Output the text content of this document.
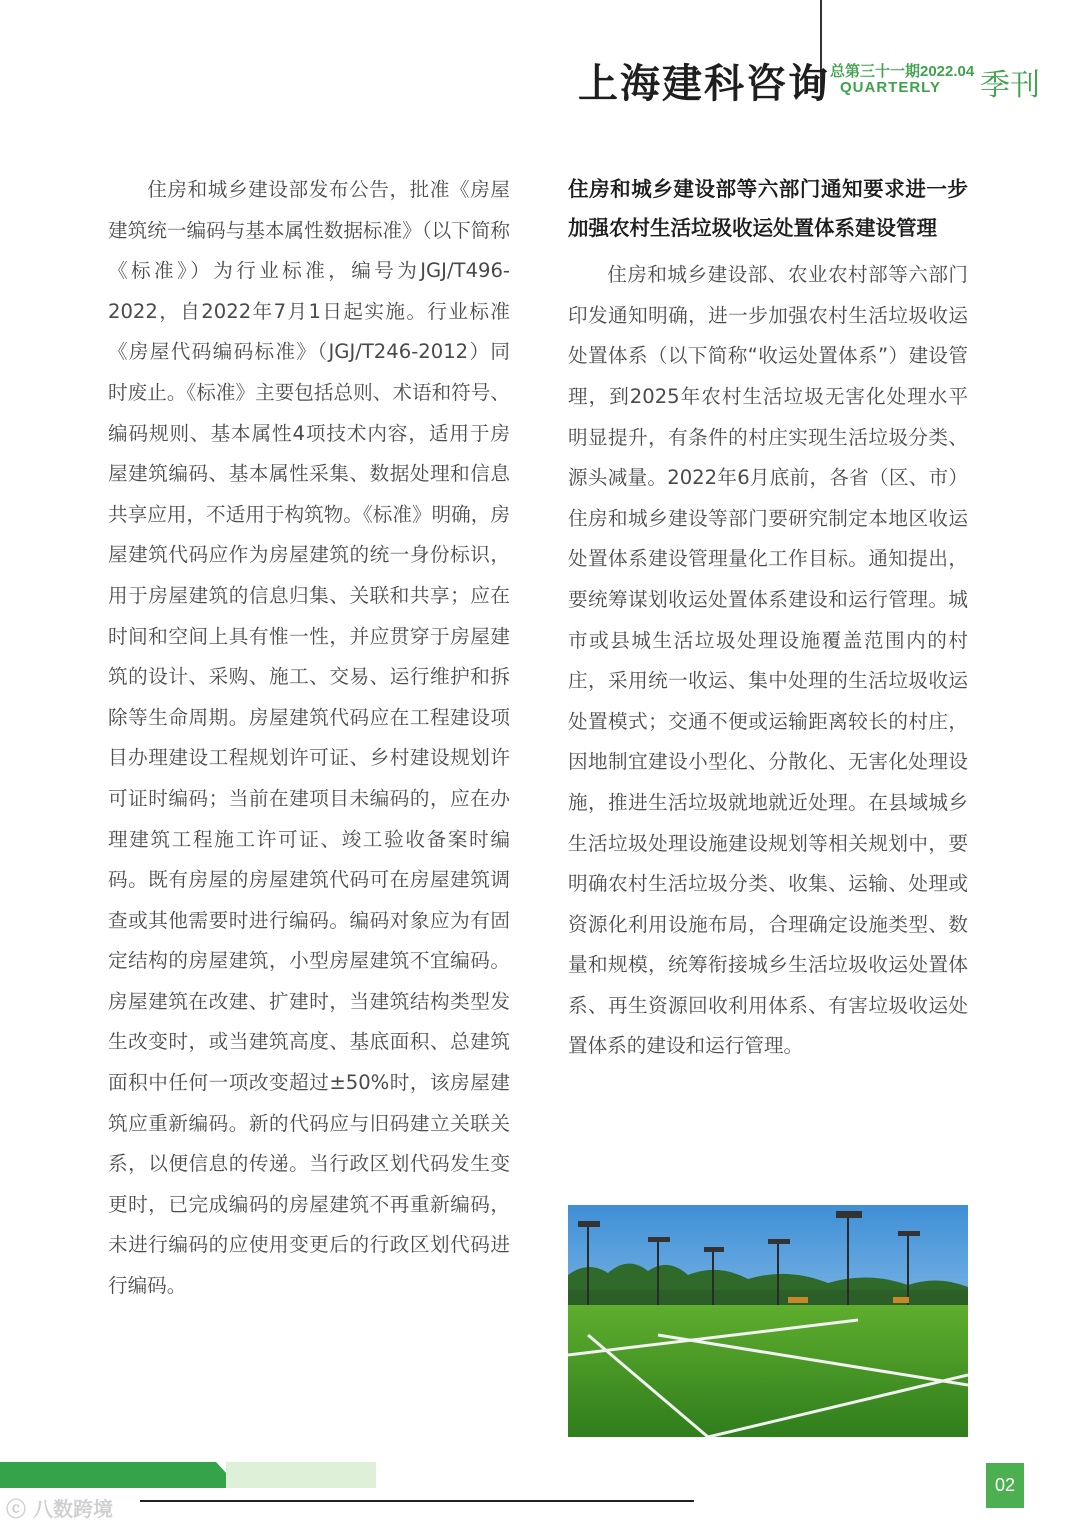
上海建科咨询 总第三十一期2022.04
QUARTERLY 季刊

住房和城乡建设部发布公告，批准《房屋建筑统一编码与基本属性数据标准》（以下简称《标准》）为行业标准，编号为JGJ/T496-2022，自2022年7月1日起实施。行业标准《房屋代码编码标准》（JGJ/T246-2012）同时废止。《标准》主要包括总则、术语和符号、编码规则、基本属性4项技术内容，适用于房屋建筑编码、基本属性采集、数据处理和信息共享应用，不适用于构筑物。《标准》明确，房屋建筑代码应作为房屋建筑的统一身份标识，用于房屋建筑的信息归集、关联和共享；应在时间和空间上具有惟一性，并应贯穿于房屋建筑的设计、采购、施工、交易、运行维护和拆除等生命周期。房屋建筑代码应在工程建设项目办理建设工程规划许可证、乡村建设规划许可证时编码；当前在建项目未编码的，应在办理建筑工程施工许可证、竣工验收备案时编码。既有房屋的房屋建筑代码可在房屋建筑调查或其他需要时进行编码。编码对象应为有固定结构的房屋建筑，小型房屋建筑不宜编码。房屋建筑在改建、扩建时，当建筑结构类型发生改变时，或当建筑高度、基底面积、总建筑面积中任何一项改变超过±50%时，该房屋建筑应重新编码。新的代码应与旧码建立关联关系，以便信息的传递。当行政区划代码发生变更时，已完成编码的房屋建筑不再重新编码，未进行编码的应使用变更后的行政区划代码进行编码。

住房和城乡建设部等六部门通知要求进一步加强农村生活垃圾收运处置体系建设管理

住房和城乡建设部、农业农村部等六部门印发通知明确，进一步加强农村生活垃圾收运处置体系（以下简称“收运处置体系”）建设管理，到2025年农村生活垃圾无害化处理水平明显提升，有条件的村庄实现生活垃圾分类、源头减量。2022年6月底前，各省（区、市）住房和城乡建设等部门要研究制定本地区收运处置体系建设管理量化工作目标。通知提出，要统筹谋划收运处置体系建设和运行管理。城市或县城生活垃圾处理设施覆盖范围内的村庄，采用统一收运、集中处理的生活垃圾收运处置模式；交通不便或运输距离较长的村庄，因地制宜建设小型化、分散化、无害化处理设施，推进生活垃圾就地就近处理。在县域城乡生活垃圾处理设施建设规划等相关规划中，要明确农村生活垃圾分类、收集、运输、处理或资源化利用设施布局，合理确定设施类型、数量和规模，统筹衔接城乡生活垃圾收运处置体系、再生资源回收利用体系、有害垃圾收运处置体系的建设和运行管理。

ⓒ 八数跨境
02
